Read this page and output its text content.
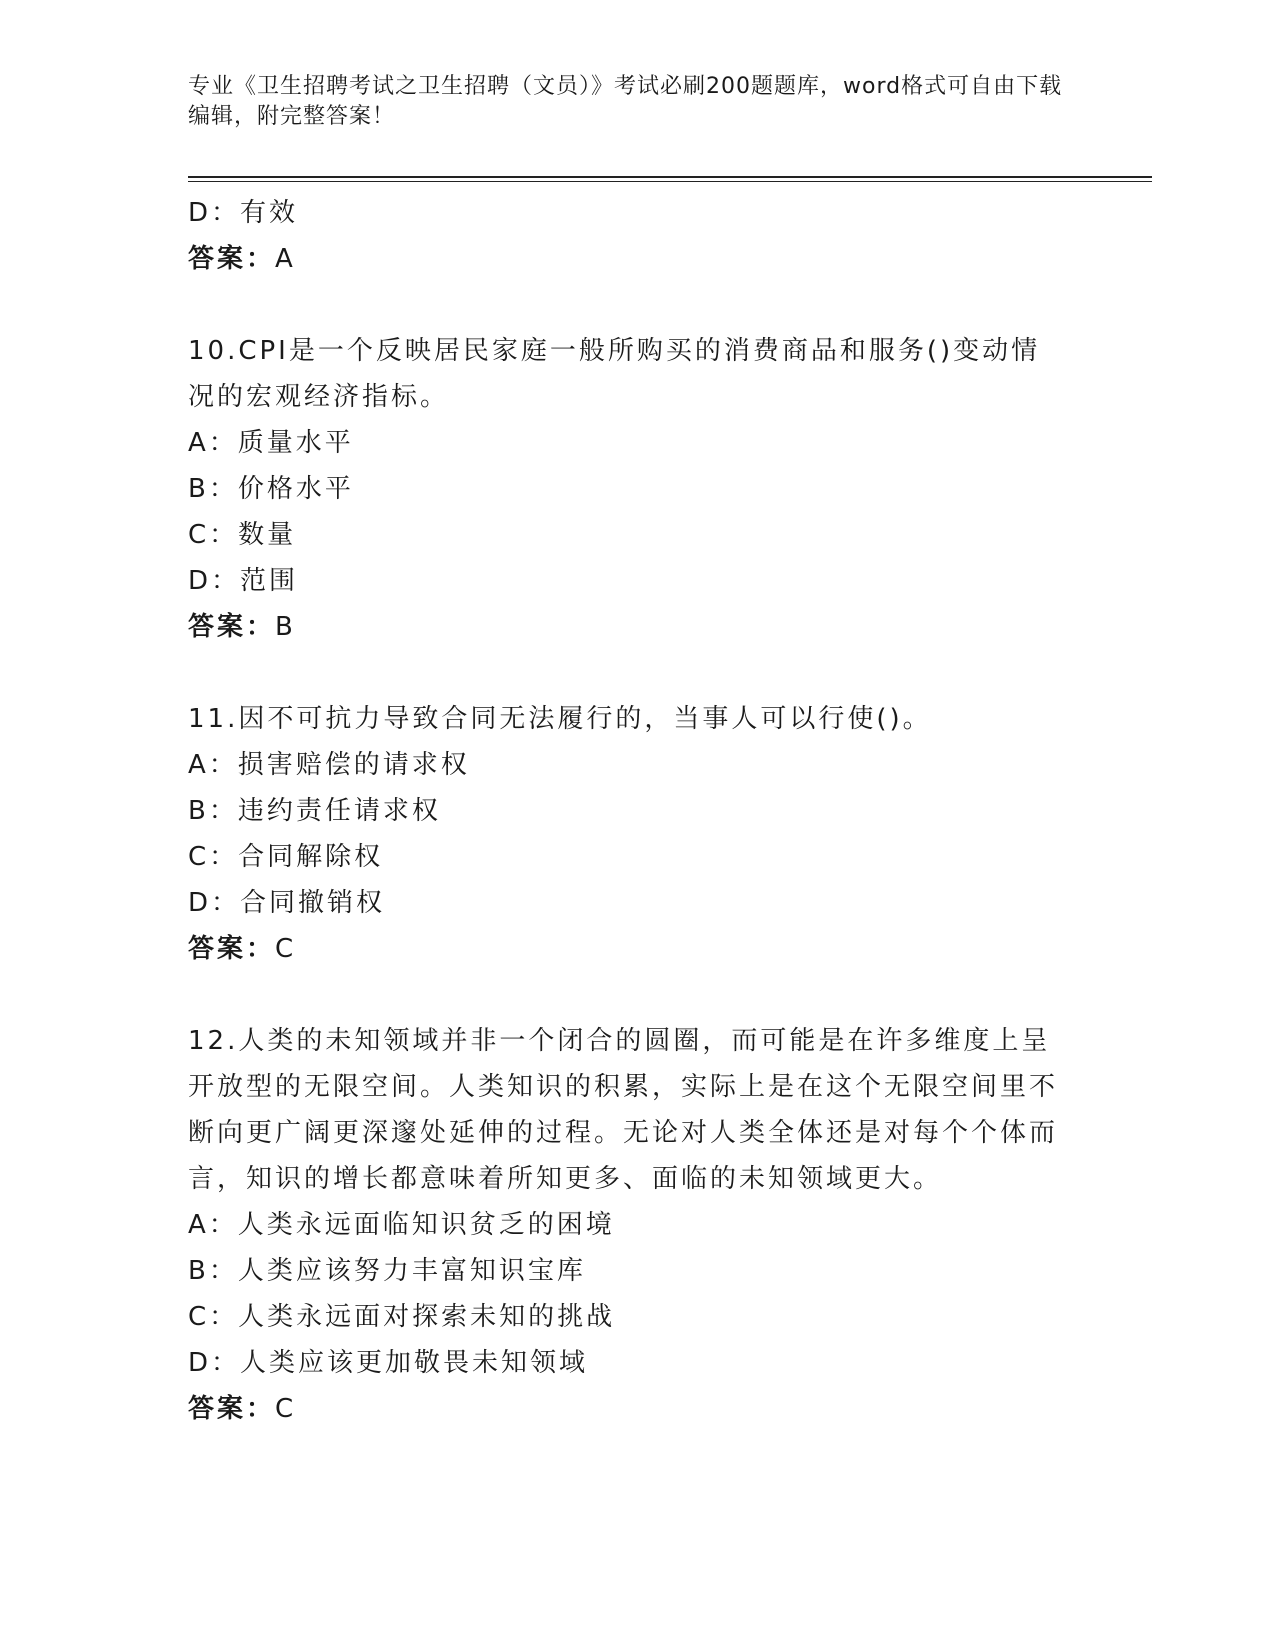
专业《卫生招聘考试之卫生招聘（文员）》考试必刷200题题库，word格式可自由下载编辑，附完整答案！
D：有效
答案：A
10.CPI是一个反映居民家庭一般所购买的消费商品和服务()变动情况的宏观经济指标。
A：质量水平
B：价格水平
C：数量
D：范围
答案：B
11.因不可抗力导致合同无法履行的，当事人可以行使()。
A：损害赔偿的请求权
B：违约责任请求权
C：合同解除权
D：合同撤销权
答案：C
12.人类的未知领域并非一个闭合的圆圈，而可能是在许多维度上呈开放型的无限空间。人类知识的积累，实际上是在这个无限空间里不断向更广阔更深邃处延伸的过程。无论对人类全体还是对每个个体而言，知识的增长都意味着所知更多、面临的未知领域更大。
A：人类永远面临知识贫乏的困境
B：人类应该努力丰富知识宝库
C：人类永远面对探索未知的挑战
D：人类应该更加敬畏未知领域
答案：C
